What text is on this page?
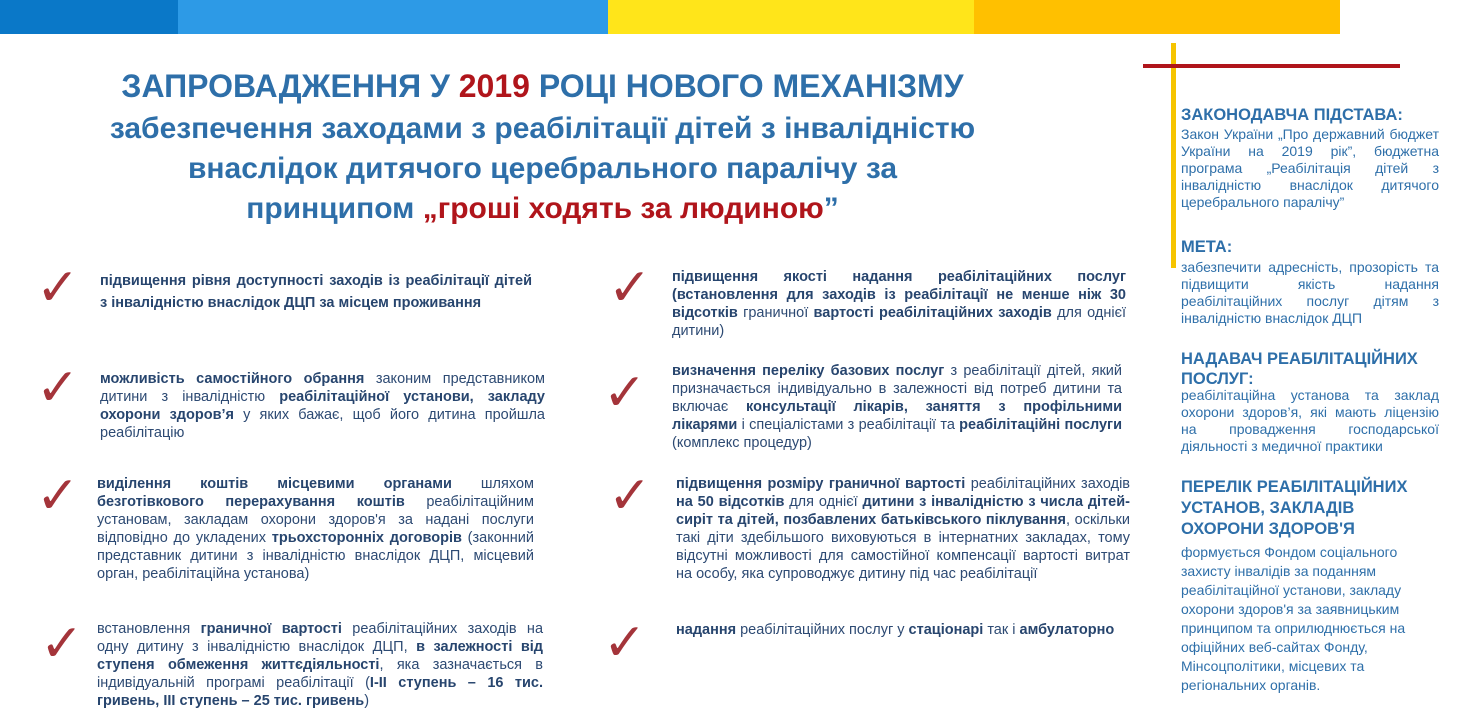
ЗАПРОВАДЖЕННЯ У 2019 РОЦІ НОВОГО МЕХАНІЗМУ
забезпечення заходами з реабілітації дітей з інвалідністю
внаслідок дитячого церебрального паралічу за
принципом „гроші ходять за людиною”
✓ підвищення рівня доступності заходів із реабілітації дітей з інвалідністю внаслідок ДЦП за місцем проживання
✓ можливість самостійного обрання законим представником дитини з інвалідністю реабілітаційної установи, закладу охорони здоров’я у яких бажає, щоб його дитина пройшла реабілітацію
✓ виділення коштів місцевими органами шляхом безготівкового перерахування коштів реабілітаційним установам, закладам охорони здоров'я за надані послуги відповідно до укладених трьохсторонніх договорів (законний представник дитини з інвалідністю внаслідок ДЦП, місцевий орган, реабілітаційна установа)
✓ встановлення граничної вартості реабілітаційних заходів на одну дитину з інвалідністю внаслідок ДЦП, в залежності від ступеня обмеження життєдіяльності, яка зазначається в індивідуальній програмі реабілітації (І-ІІ ступень – 16 тис. гривень, ІІІ ступень – 25 тис. гривень)
✓ підвищення якості надання реабілітаційних послуг (встановлення для заходів із реабілітації не менше ніж 30 відсотків граничної вартості реабілітаційних заходів для однієї дитини)
✓ визначення переліку базових послуг з реабілітації дітей, який призначається індивідуально в залежності від потреб дитини та включає консультації лікарів, заняття з профільними лікарями і спеціалістами з реабілітації та реабілітаційні послуги (комплекс процедур)
✓ підвищення розміру граничної вартості реабілітаційних заходів на 50 відсотків для однієї дитини з інвалідністю з числа дітей-сиріт та дітей, позбавлених батьківського піклування, оскільки такі діти здебільшого виховуються в інтернатних закладах, тому відсутні можливості для самостійної компенсації вартості витрат на особу, яка супроводжує дитину під час реабілітації
✓ надання реабілітаційних послуг у стаціонарі так і амбулаторно
ЗАКОНОДАВЧА ПІДСТАВА:
Закон України „Про державний бюджет України на 2019 рік”, бюджетна програма „Реабілітація дітей з інвалідністю внаслідок дитячого церебрального паралічу”
МЕТА:
забезпечити адресність, прозорість та підвищити якість надання реабілітаційних послуг дітям з інвалідністю внаслідок ДЦП
НАДАВАЧ РЕАБІЛІТАЦІЙНИХ ПОСЛУГ:
реабілітаційна установа та заклад охорони здоров’я, які мають ліцензію на провадження господарської діяльності з медичної практики
ПЕРЕЛІК РЕАБІЛІТАЦІЙНИХ УСТАНОВ, ЗАКЛАДІВ ОХОРОНИ ЗДОРОВ'Я
формується Фондом соціального захисту інвалідів за поданням реабілітаційної установи, закладу охорони здоров'я за заявницьким принципом та оприлюднюється на офіційних веб-сайтах Фонду, Мінсоцполітики, місцевих та регіональних органів.
